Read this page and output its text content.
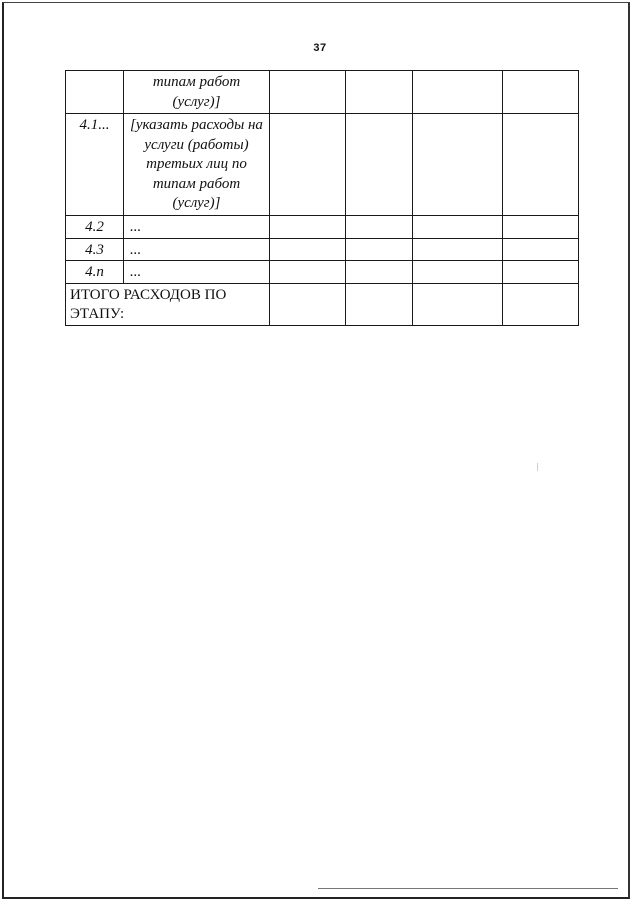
37

	типам работ
(услуг)]				

4.1...	[указать расходы на
услуги (работы)
третьих лиц по
типам работ
(услуг)]				

4.2	...				
4.3	...				
4.n	...				

ИТОГО РАСХОДОВ ПО
ЭТАПУ:					
